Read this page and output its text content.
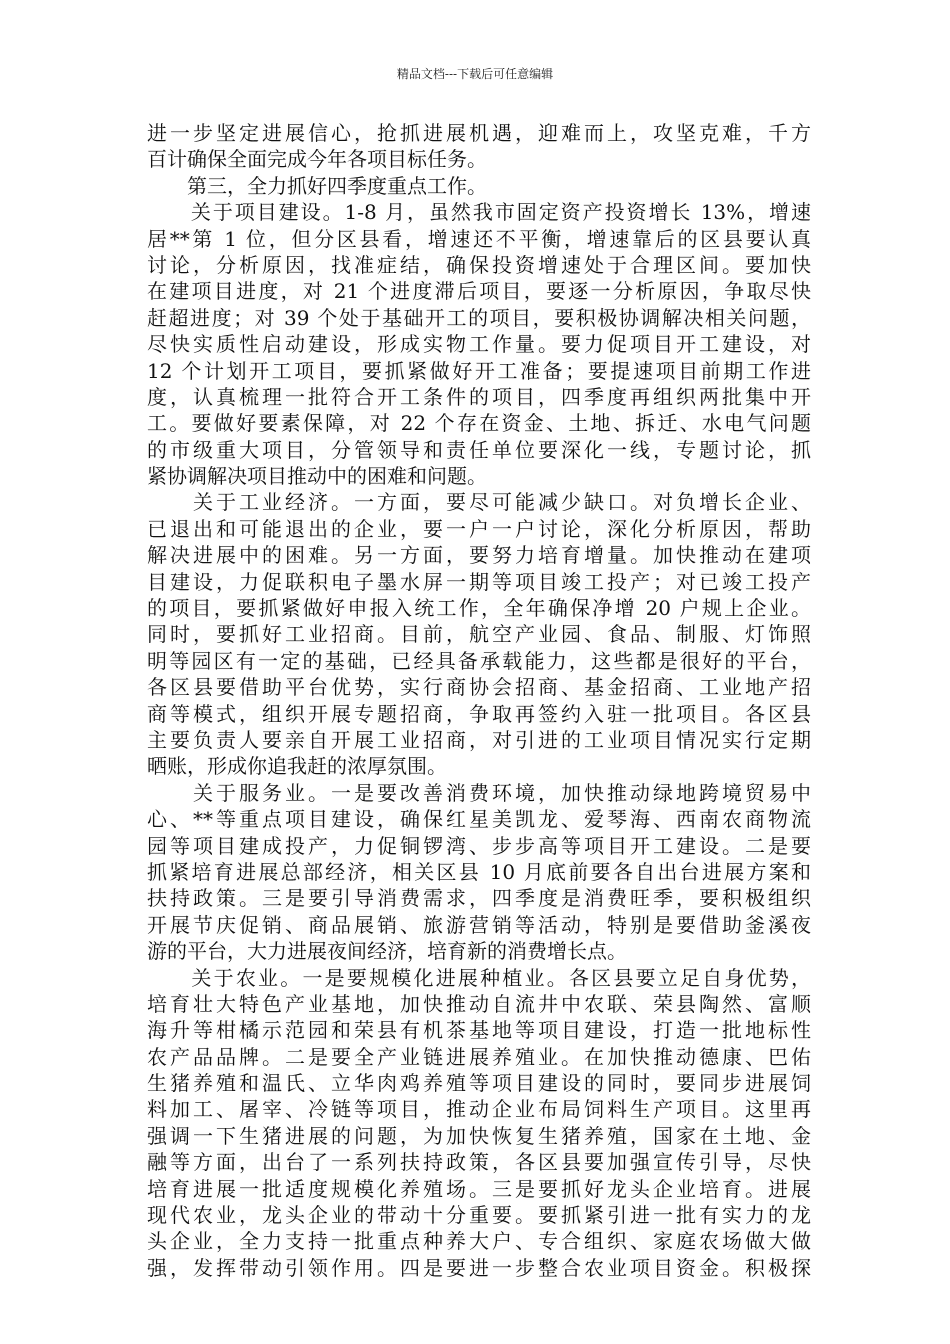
精品文档---下载后可任意编辑
进一步坚定进展信心，抢抓进展机遇，迎难而上，攻坚克难，千方
百计确保全面完成今年各项目标任务。
　　第三，全力抓好四季度重点工作。
　　关于项目建设。1-8 月，虽然我市固定资产投资增长 13%，增速
居**第 1 位，但分区县看，增速还不平衡，增速靠后的区县要认真
讨论，分析原因，找准症结，确保投资增速处于合理区间。要加快
在建项目进度，对 21 个进度滞后项目，要逐一分析原因，争取尽快
赶超进度；对 39 个处于基础开工的项目，要积极协调解决相关问题，
尽快实质性启动建设，形成实物工作量。要力促项目开工建设，对
12 个计划开工项目，要抓紧做好开工准备；要提速项目前期工作进
度，认真梳理一批符合开工条件的项目，四季度再组织两批集中开
工。要做好要素保障，对 22 个存在资金、土地、拆迁、水电气问题
的市级重大项目，分管领导和责任单位要深化一线，专题讨论，抓
紧协调解决项目推动中的困难和问题。
　　关于工业经济。一方面，要尽可能减少缺口。对负增长企业、
已退出和可能退出的企业，要一户一户讨论，深化分析原因，帮助
解决进展中的困难。另一方面，要努力培育增量。加快推动在建项
目建设，力促联积电子墨水屏一期等项目竣工投产；对已竣工投产
的项目，要抓紧做好申报入统工作，全年确保净增 20 户规上企业。
同时，要抓好工业招商。目前，航空产业园、食品、制服、灯饰照
明等园区有一定的基础，已经具备承载能力，这些都是很好的平台，
各区县要借助平台优势，实行商协会招商、基金招商、工业地产招
商等模式，组织开展专题招商，争取再签约入驻一批项目。各区县
主要负责人要亲自开展工业招商，对引进的工业项目情况实行定期
晒账，形成你追我赶的浓厚氛围。
　　关于服务业。一是要改善消费环境，加快推动绿地跨境贸易中
心、**等重点项目建设，确保红星美凯龙、爱琴海、西南农商物流
园等项目建成投产，力促铜锣湾、步步高等项目开工建设。二是要
抓紧培育进展总部经济，相关区县 10 月底前要各自出台进展方案和
扶持政策。三是要引导消费需求，四季度是消费旺季，要积极组织
开展节庆促销、商品展销、旅游营销等活动，特别是要借助釜溪夜
游的平台，大力进展夜间经济，培育新的消费增长点。
　　关于农业。一是要规模化进展种植业。各区县要立足自身优势，
培育壮大特色产业基地，加快推动自流井中农联、荣县陶然、富顺
海升等柑橘示范园和荣县有机茶基地等项目建设，打造一批地标性
农产品品牌。二是要全产业链进展养殖业。在加快推动德康、巴佑
生猪养殖和温氏、立华肉鸡养殖等项目建设的同时，要同步进展饲
料加工、屠宰、冷链等项目，推动企业布局饲料生产项目。这里再
强调一下生猪进展的问题，为加快恢复生猪养殖，国家在土地、金
融等方面，出台了一系列扶持政策，各区县要加强宣传引导，尽快
培育进展一批适度规模化养殖场。三是要抓好龙头企业培育。进展
现代农业，龙头企业的带动十分重要。要抓紧引进一批有实力的龙
头企业，全力支持一批重点种养大户、专合组织、家庭农场做大做
强，发挥带动引领作用。四是要进一步整合农业项目资金。积极探
